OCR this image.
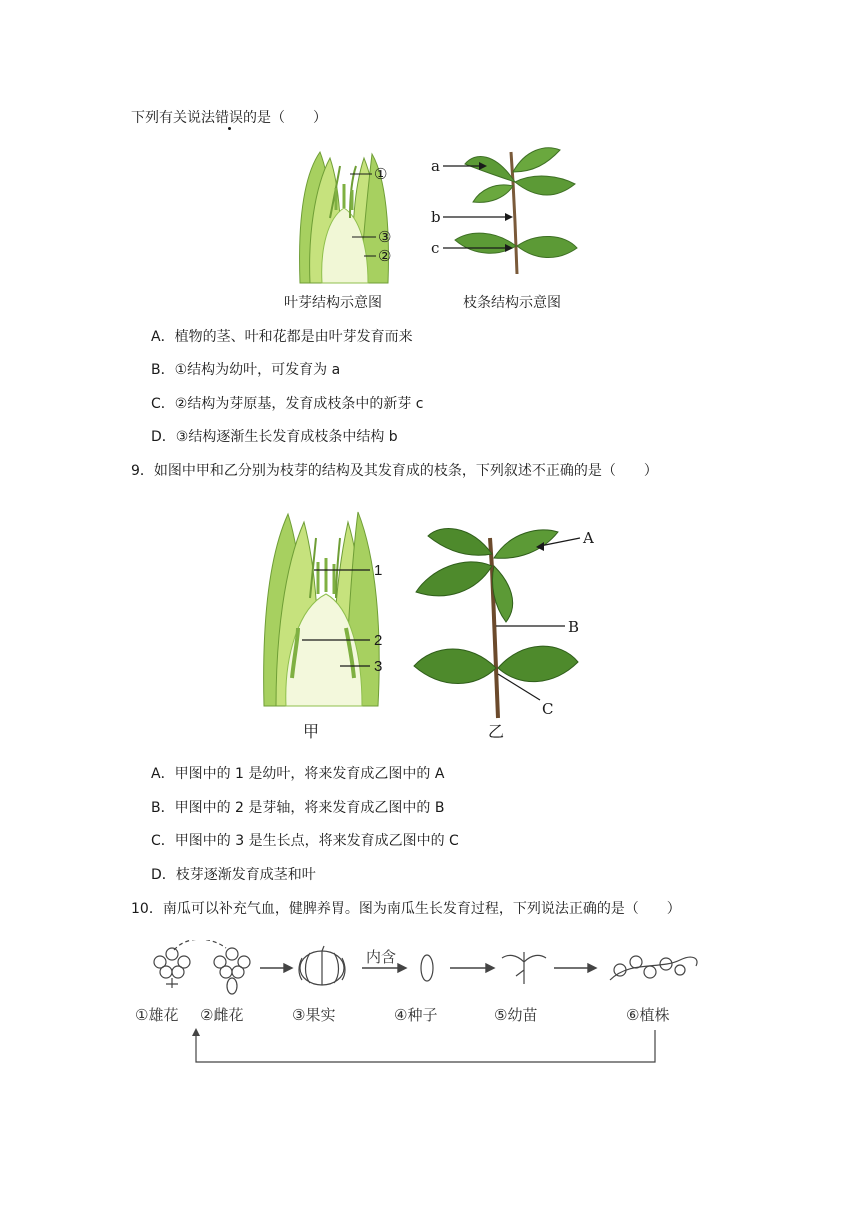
下列有关说法错误的是（　　）
①
③
②
叶芽结构示意图
a
b
c
枝条结构示意图
A．植物的茎、叶和花都是由叶芽发育而来
B．①结构为幼叶，可发育为 a
C．②结构为芽原基，发育成枝条中的新芽 c
D．③结构逐渐生长发育成枝条中结构 b
9．如图中甲和乙分别为枝芽的结构及其发育成的枝条，下列叙述不正确的是（　　）
1
2
3
甲
A
B
C
乙
A．甲图中的 1 是幼叶，将来发育成乙图中的 A
B．甲图中的 2 是芽轴，将来发育成乙图中的 B
C．甲图中的 3 是生长点，将来发育成乙图中的 C
D．枝芽逐渐发育成茎和叶
10．南瓜可以补充气血，健脾养胃。图为南瓜生长发育过程，下列说法正确的是（　　）
内含
①雄花 ②雌花	③果实	④种子	⑤幼苗	⑥植株
